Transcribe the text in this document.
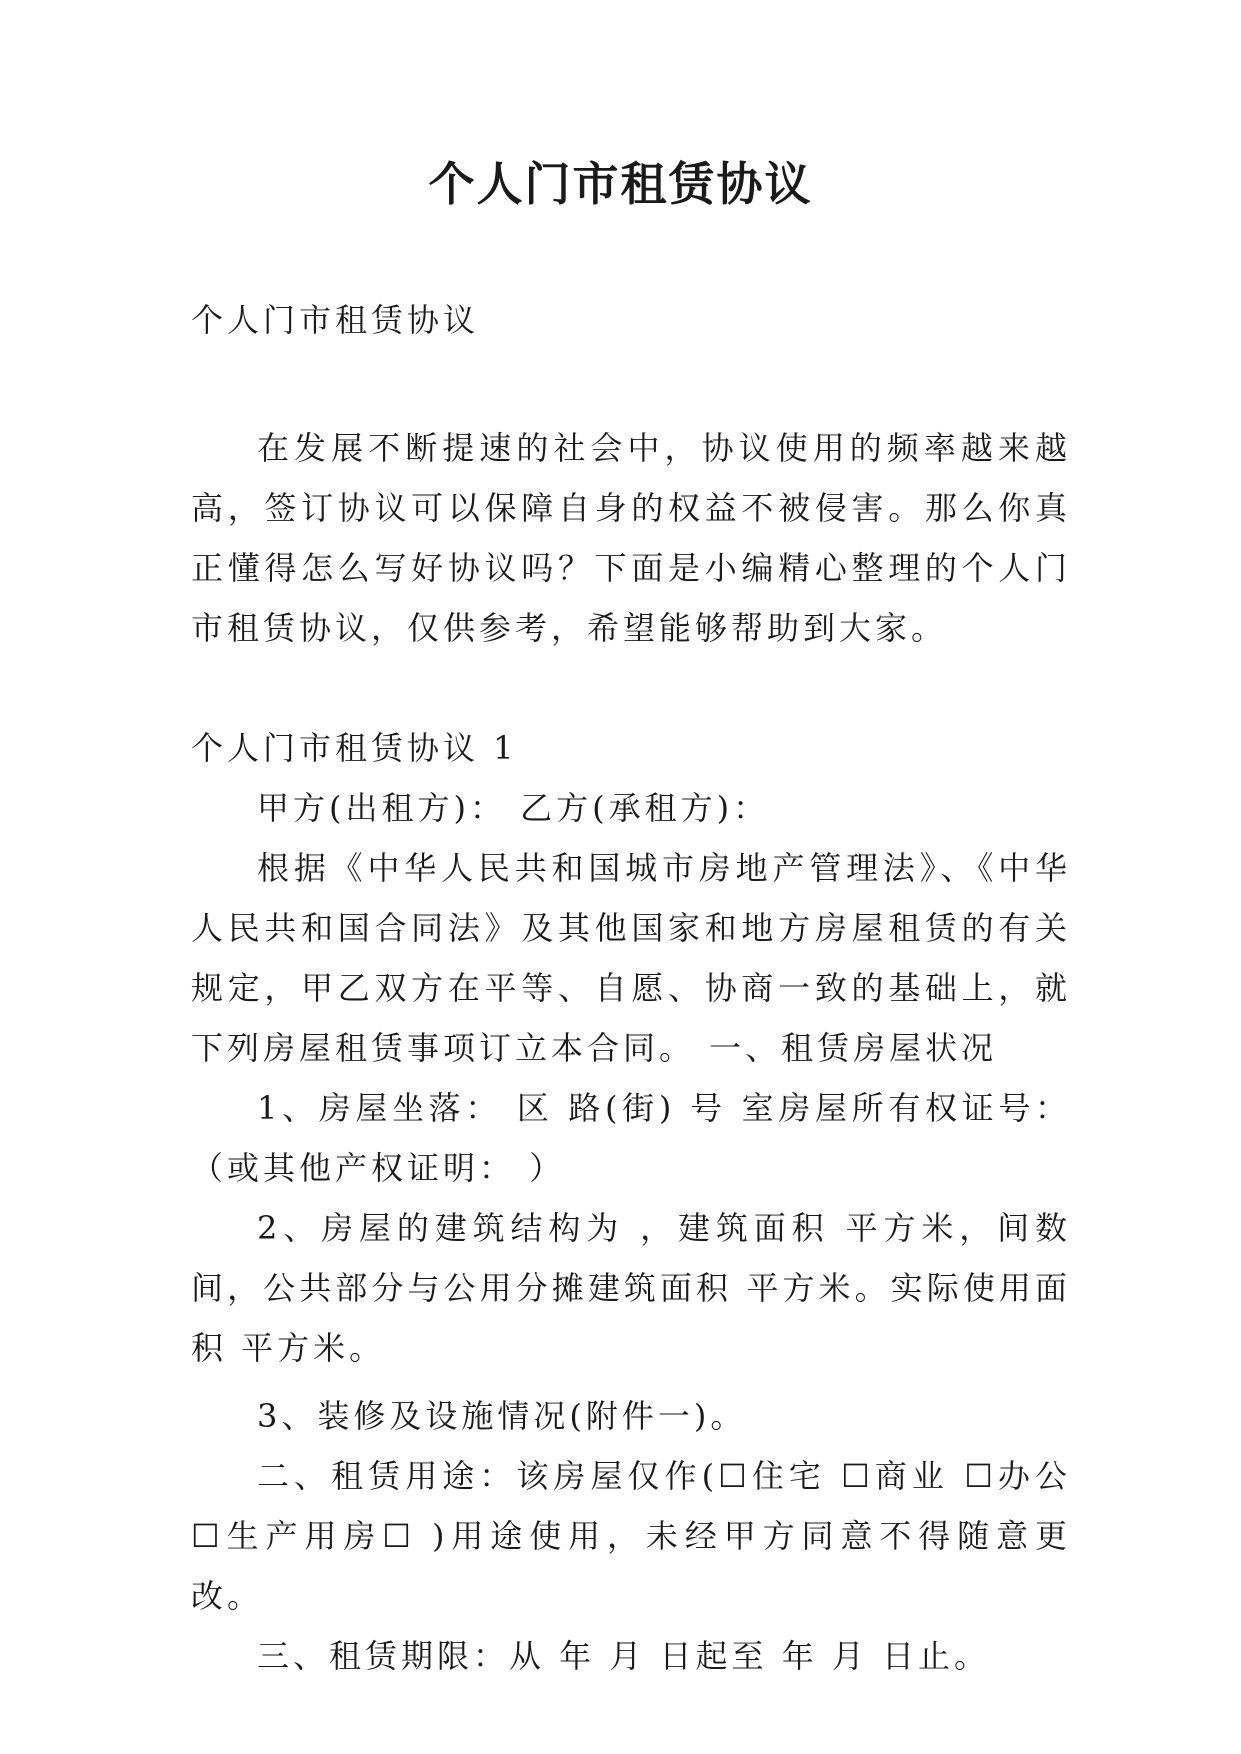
个人门市租赁协议

个人门市租赁协议

在发展不断提速的社会中，协议使用的频率越来越高，签订协议可以保障自身的权益不被侵害。那么你真正懂得怎么写好协议吗？下面是小编精心整理的个人门市租赁协议，仅供参考，希望能够帮助到大家。

个人门市租赁协议 1

甲方(出租方)： 乙方(承租方)：

根据《中华人民共和国城市房地产管理法》、《中华人民共和国合同法》及其他国家和地方房屋租赁的有关规定，甲乙双方在平等、自愿、协商一致的基础上，就下列房屋租赁事项订立本合同。 一、租赁房屋状况

1、房屋坐落： 区 路(街) 号 室房屋所有权证号：（或其他产权证明： ）

2、房屋的建筑结构为 ，建筑面积 平方米，间数 间，公共部分与公用分摊建筑面积 平方米。实际使用面积 平方米。

3、装修及设施情况(附件一)。

二、租赁用途：该房屋仅作(☐住宅 ☐商业 ☐办公 ☐生产用房☐ )用途使用，未经甲方同意不得随意更改。

三、租赁期限：从 年 月 日起至 年 月 日止。
